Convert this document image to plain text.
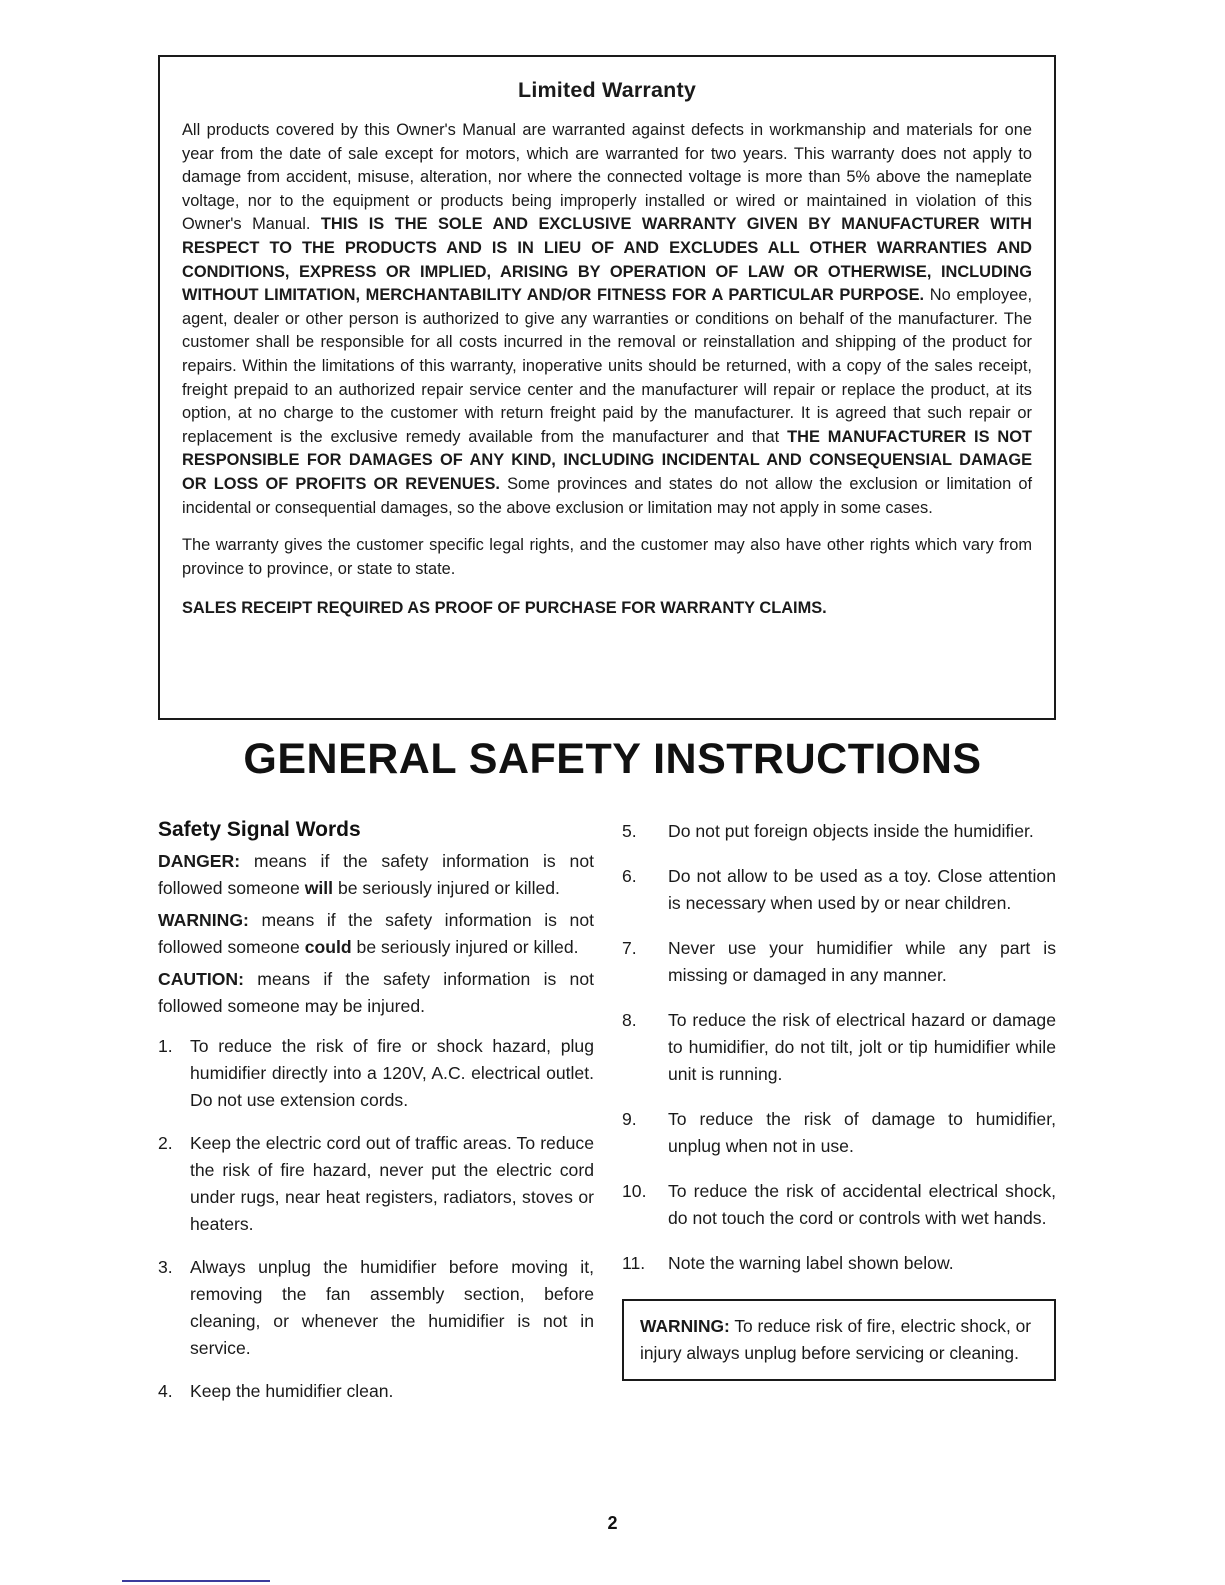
Limited Warranty

All products covered by this Owner's Manual are warranted against defects in workmanship and materials for one year from the date of sale except for motors, which are warranted for two years. This warranty does not apply to damage from accident, misuse, alteration, nor where the connected voltage is more than 5% above the nameplate voltage, nor to the equipment or products being improperly installed or wired or maintained in violation of this Owner's Manual. THIS IS THE SOLE AND EXCLUSIVE WARRANTY GIVEN BY MANUFACTURER WITH RESPECT TO THE PRODUCTS AND IS IN LIEU OF AND EXCLUDES ALL OTHER WARRANTIES AND CONDITIONS, EXPRESS OR IMPLIED, ARISING BY OPERATION OF LAW OR OTHERWISE, INCLUDING WITHOUT LIMITATION, MERCHANTABILITY AND/OR FITNESS FOR A PARTICULAR PURPOSE. No employee, agent, dealer or other person is authorized to give any warranties or conditions on behalf of the manufacturer. The customer shall be responsible for all costs incurred in the removal or reinstallation and shipping of the product for repairs. Within the limitations of this warranty, inoperative units should be returned, with a copy of the sales receipt, freight prepaid to an authorized repair service center and the manufacturer will repair or replace the product, at its option, at no charge to the customer with return freight paid by the manufacturer. It is agreed that such repair or replacement is the exclusive remedy available from the manufacturer and that THE MANUFACTURER IS NOT RESPONSIBLE FOR DAMAGES OF ANY KIND, INCLUDING INCIDENTAL AND CONSEQUENSIAL DAMAGE OR LOSS OF PROFITS OR REVENUES. Some provinces and states do not allow the exclusion or limitation of incidental or consequential damages, so the above exclusion or limitation may not apply in some cases.

The warranty gives the customer specific legal rights, and the customer may also have other rights which vary from province to province, or state to state.

SALES RECEIPT REQUIRED AS PROOF OF PURCHASE FOR WARRANTY CLAIMS.

GENERAL SAFETY INSTRUCTIONS
Safety Signal Words

DANGER: means if the safety information is not followed someone will be seriously injured or killed.

WARNING: means if the safety information is not followed someone could be seriously injured or killed.

CAUTION: means if the safety information is not followed someone may be injured.

1. To reduce the risk of fire or shock hazard, plug humidifier directly into a 120V, A.C. electrical outlet. Do not use extension cords.
2. Keep the electric cord out of traffic areas. To reduce the risk of fire hazard, never put the electric cord under rugs, near heat registers, radiators, stoves or heaters.
3. Always unplug the humidifier before moving it, removing the fan assembly section, before cleaning, or whenever the humidifier is not in service.
4. Keep the humidifier clean.
5.	Do not put foreign objects inside the humidifier.
6.	Do not allow to be used as a toy. Close attention is necessary when used by or near children.
7.	Never use your humidifier while any part is missing or damaged in any manner.
8.	To reduce the risk of electrical hazard or damage to humidifier, do not tilt, jolt or tip humidifier while unit is running.
9.	To reduce the risk of damage to humidifier, unplug when not in use.
10.	To reduce the risk of accidental electrical shock, do not touch the cord or controls with wet hands.
11.	Note the warning label shown below.

WARNING: To reduce risk of fire, electric shock, or injury always unplug before servicing or cleaning.

2
